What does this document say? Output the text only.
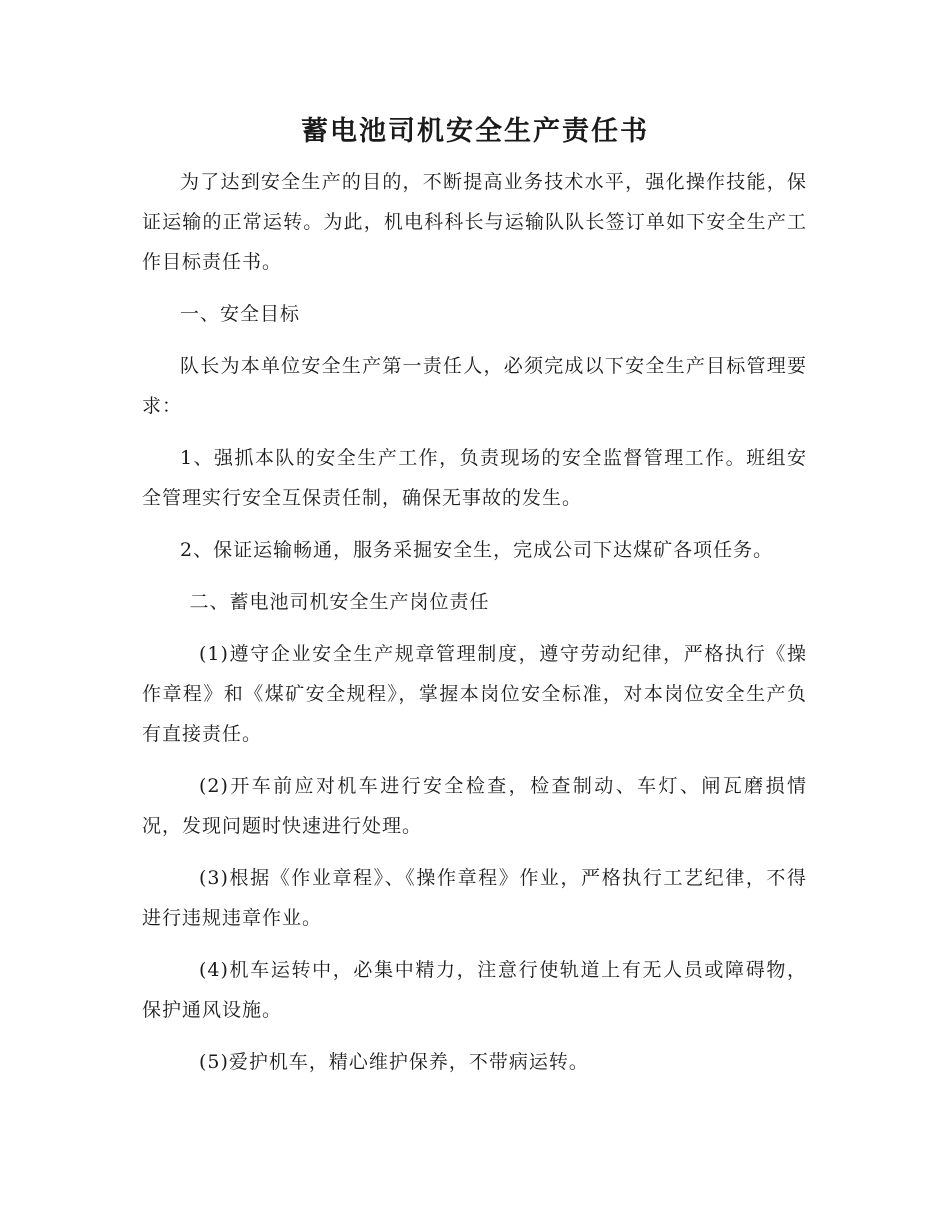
蓄电池司机安全生产责任书

为了达到安全生产的目的，不断提高业务技术水平，强化操作技能，保证运输的正常运转。为此，机电科科长与运输队队长签订单如下安全生产工作目标责任书。

一、安全目标

队长为本单位安全生产第一责任人，必须完成以下安全生产目标管理要求：

1、强抓本队的安全生产工作，负责现场的安全监督管理工作。班组安全管理实行安全互保责任制，确保无事故的发生。

2、保证运输畅通，服务采掘安全生，完成公司下达煤矿各项任务。

二、蓄电池司机安全生产岗位责任

(1)遵守企业安全生产规章管理制度，遵守劳动纪律，严格执行《操作章程》和《煤矿安全规程》，掌握本岗位安全标准，对本岗位安全生产负有直接责任。

(2)开车前应对机车进行安全检查，检查制动、车灯、闸瓦磨损情况，发现问题时快速进行处理。

(3)根据《作业章程》、《操作章程》作业，严格执行工艺纪律，不得进行违规违章作业。

(4)机车运转中，必集中精力，注意行使轨道上有无人员或障碍物，保护通风设施。

(5)爱护机车，精心维护保养，不带病运转。
